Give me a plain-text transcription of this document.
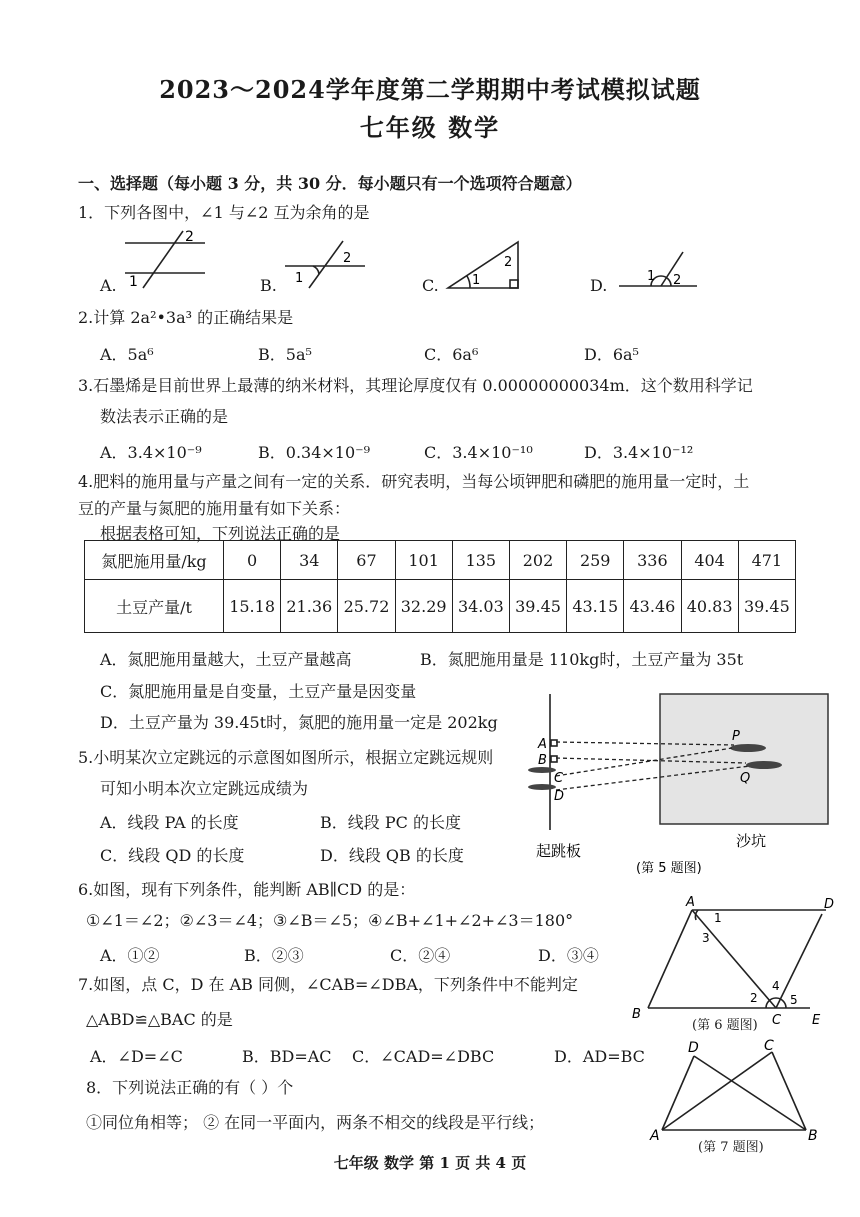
2023～2024学年度第二学期期中考试模拟试题
七年级 数学
一、选择题（每小题 3 分，共 30 分．每小题只有一个选项符合题意）
1．下列各图中，∠1 与∠2 互为余角的是
A.	B.	C.	D.
2
1	1
2
1
2
1 2
2.计算 2a²•3a³ 的正确结果是
A．5a⁶	B．5a⁵	C．6a⁶	D．6a⁵
3.石墨烯是目前世界上最薄的纳米材料，其理论厚度仅有 0.00000000034m．这个数用科学记
数法表示正确的是
A．3.4×10⁻⁹	B．0.34×10⁻⁹	C．3.4×10⁻¹⁰	D．3.4×10⁻¹²
4.肥料的施用量与产量之间有一定的关系．研究表明，当每公顷钾肥和磷肥的施用量一定时，土
豆的产量与氮肥的施用量有如下关系：
根据表格可知，下列说法正确的是
氮肥施用量/kg	0	34	67	101	135	202	259	336	404	471
土豆产量/t	15.18	21.36	25.72	32.29	34.03	39.45	43.15	43.46	40.83	39.45
A．氮肥施用量越大，土豆产量越高	B．氮肥施用量是 110kg时，土豆产量为 35t
C．氮肥施用量是自变量，土豆产量是因变量
D．土豆产量为 39.45t时，氮肥的施用量一定是 202kg
5.小明某次立定跳远的示意图如图所示，根据立定跳远规则
可知小明本次立定跳远成绩为
A．线段 PA 的长度	B．线段 PC 的长度
C．线段 QD 的长度	D．线段 QB 的长度
A
B
C
D
P
Q
起跳板
沙坑
(第 5 题图)
6.如图，现有下列条件，能判断 AB∥CD 的是：
①∠1＝∠2；②∠3＝∠4；③∠B＝∠5；④∠B+∠1+∠2+∠3＝180°
A．①②	B．②③	C．②④	D．③④
A	D
B	C E
1
2
3
4
5
(第 6 题图)
7.如图，点 C，D 在 AB 同侧，∠CAB=∠DBA，下列条件中不能判定
△ABD≌△BAC 的是
A．∠D=∠C	B．BD=AC C．∠CAD=∠DBC	D．AD=BC	D	C
A	B
(第 7 题图)
8．下列说法正确的有（ ）个
①同位角相等； ② 在同一平面内，两条不相交的线段是平行线；
七年级 数学 第 1 页 共 4 页
